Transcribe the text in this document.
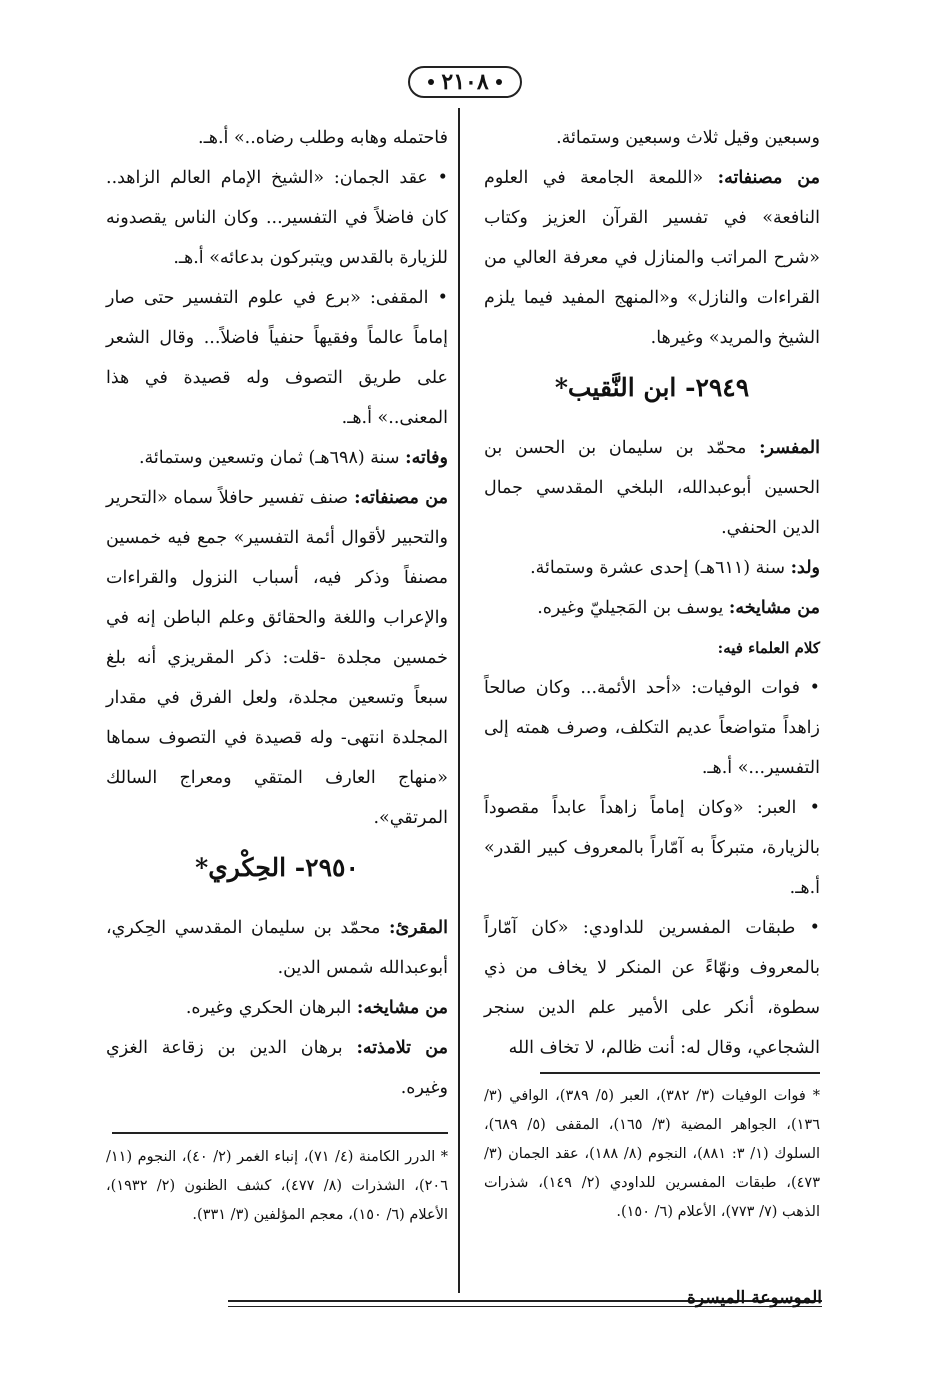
٢١٠٨

وسبعين وقيل ثلاث وسبعين وستمائة.

من مصنفاته: «اللمعة الجامعة في العلوم النافعة» في تفسير القرآن العزيز وكتاب «شرح المراتب والمنازل في معرفة العالي من القراءات والنازل» و«المنهج المفيد فيما يلزم الشيخ والمريد» وغيرها.

٢٩٤٩- ابن النَّقيب*

المفسر: محمّد بن سليمان بن الحسن بن الحسين أبوعبدالله، البلخي المقدسي جمال الدين الحنفي.

ولد: سنة (٦١١هـ) إحدى عشرة وستمائة.

من مشايخه: يوسف بن المَجيليّ وغيره.

كلام العلماء فيه:

• فوات الوفيات: «أحد الأئمة... وكان صالحاً زاهداً متواضعاً عديم التكلف، وصرف همته إلى التفسير...» أ.هـ.

• العبر: «وكان إماماً زاهداً عابداً مقصوداً بالزيارة، متبركاً به آمّاراً بالمعروف كبير القدر» أ.هـ.

• طبقات المفسرين للداودي: «كان آمّاراً بالمعروف ونهّاءً عن المنكر لا يخاف من ذي سطوة، أنكر على الأمير علم الدين سنجر الشجاعي، وقال له: أنت ظالم، لا تخاف الله

فاحتمله وهابه وطلب رضاه..» أ.هـ.

• عقد الجمان: «الشيخ الإمام العالم الزاهد.. كان فاضلاً في التفسير... وكان الناس يقصدونه للزيارة بالقدس ويتبركون بدعائه» أ.هـ.

• المقفى: «برع في علوم التفسير حتى صار إماماً عالماً وفقيهاً حنفياً فاضلاً... وقال الشعر على طريق التصوف وله قصيدة في هذا المعنى..» أ.هـ.

وفاته: سنة (٦٩٨هـ) ثمان وتسعين وستمائة.

من مصنفاته: صنف تفسير حافلاً سماه «التحرير والتحبير لأقوال أئمة التفسير» جمع فيه خمسين مصنفاً وذكر فيه، أسباب النزول والقراءات والإعراب واللغة والحقائق وعلم الباطن إنه في خمسين مجلدة -قلت: ذكر المقريزي أنه بلغ سبعاً وتسعين مجلدة، ولعل الفرق في مقدار المجلدة انتهى- وله قصيدة في التصوف سماها «منهاج العارف المتقي ومعراج السالك المرتقي».

٢٩٥٠- الحِكْري*

المقرئ: محمّد بن سليمان المقدسي الحِكري، أبوعبدالله شمس الدين.

من مشايخه: البرهان الحكري وغيره.

من تلامذته: برهان الدين بن زقاعة الغزي وغيره. * فوات الوفيات (٣/ ٣٨٢)، العبر (٥/ ٣٨٩)، الوافي (٣/ ١٣٦)، الجواهر المضية (٣/ ١٦٥)، المقفى (٥/ ٦٨٩)، السلوك (١/ ٣: ٨٨١)، النجوم (٨/ ١٨٨)، عقد الجمان (٣/ ٤٧٣)، طبقات المفسرين للداودي (٢/ ١٤٩)، شذرات الذهب (٧/ ٧٧٣)، الأعلام (٦/ ١٥٠).
* الدرر الكامنة (٤/ ٧١)، إنباء الغمر (٢/ ٤٠)، النجوم (١١/ ٢٠٦)، الشذرات (٨/ ٤٧٧)، كشف الظنون (٢/ ١٩٣٢)، الأعلام (٦/ ١٥٠)، معجم المؤلفين (٣/ ٣٣١).
الموسوعة الميسرة
